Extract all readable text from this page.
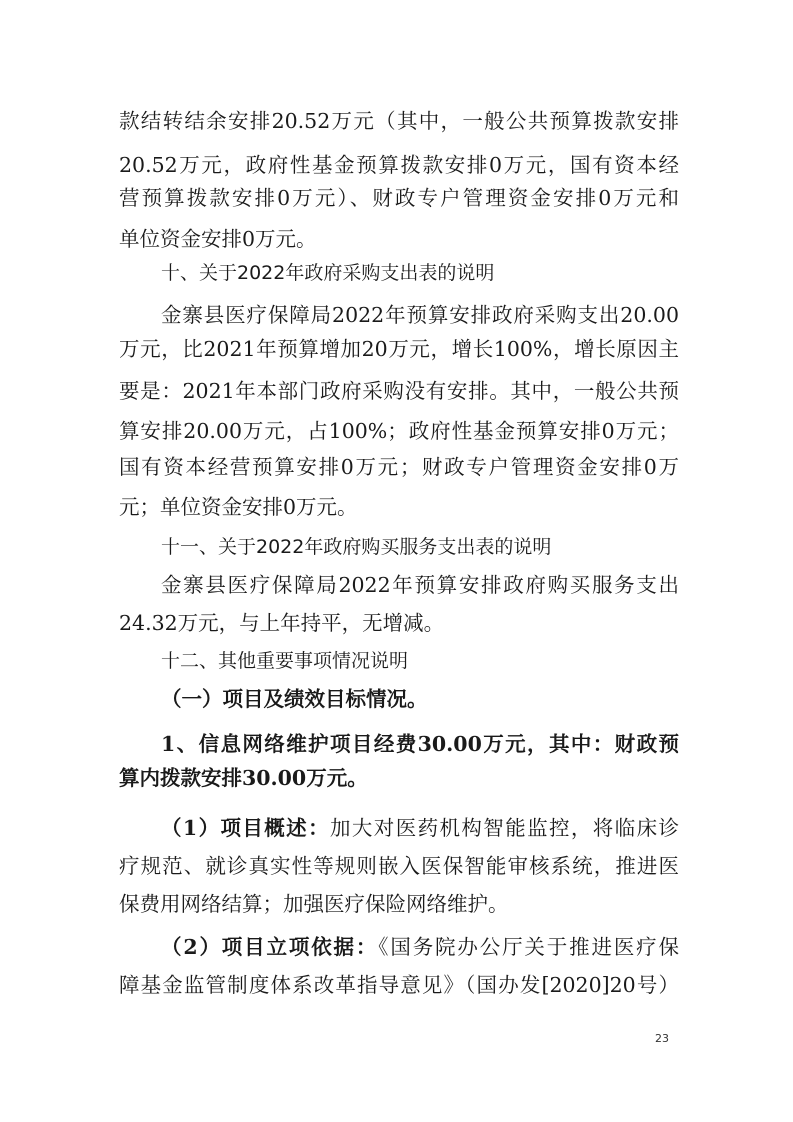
款结转结余安排20.52万元（其中，一般公共预算拨款安排
20.52万元，政府性基金预算拨款安排0万元，国有资本经
营预算拨款安排0万元）、财政专户管理资金安排0万元和
单位资金安排0万元。
十、关于2022年政府采购支出表的说明
金寨县医疗保障局2022年预算安排政府采购支出20.00
万元，比2021年预算增加20万元，增长100%，增长原因主
要是：2021年本部门政府采购没有安排。其中，一般公共预
算安排20.00万元，占100%；政府性基金预算安排0万元；
国有资本经营预算安排0万元；财政专户管理资金安排0万
元；单位资金安排0万元。
十一、关于2022年政府购买服务支出表的说明
金寨县医疗保障局2022年预算安排政府购买服务支出
24.32万元，与上年持平，无增减。
十二、其他重要事项情况说明
（一）项目及绩效目标情况。
1、信息网络维护项目经费30.00万元，其中：财政预
算内拨款安排30.00万元。
（1）项目概述：加大对医药机构智能监控，将临床诊
疗规范、就诊真实性等规则嵌入医保智能审核系统，推进医
保费用网络结算；加强医疗保险网络维护。
（2）项目立项依据：《国务院办公厅关于推进医疗保
障基金监管制度体系改革指导意见》（国办发[2020]20号）
23
